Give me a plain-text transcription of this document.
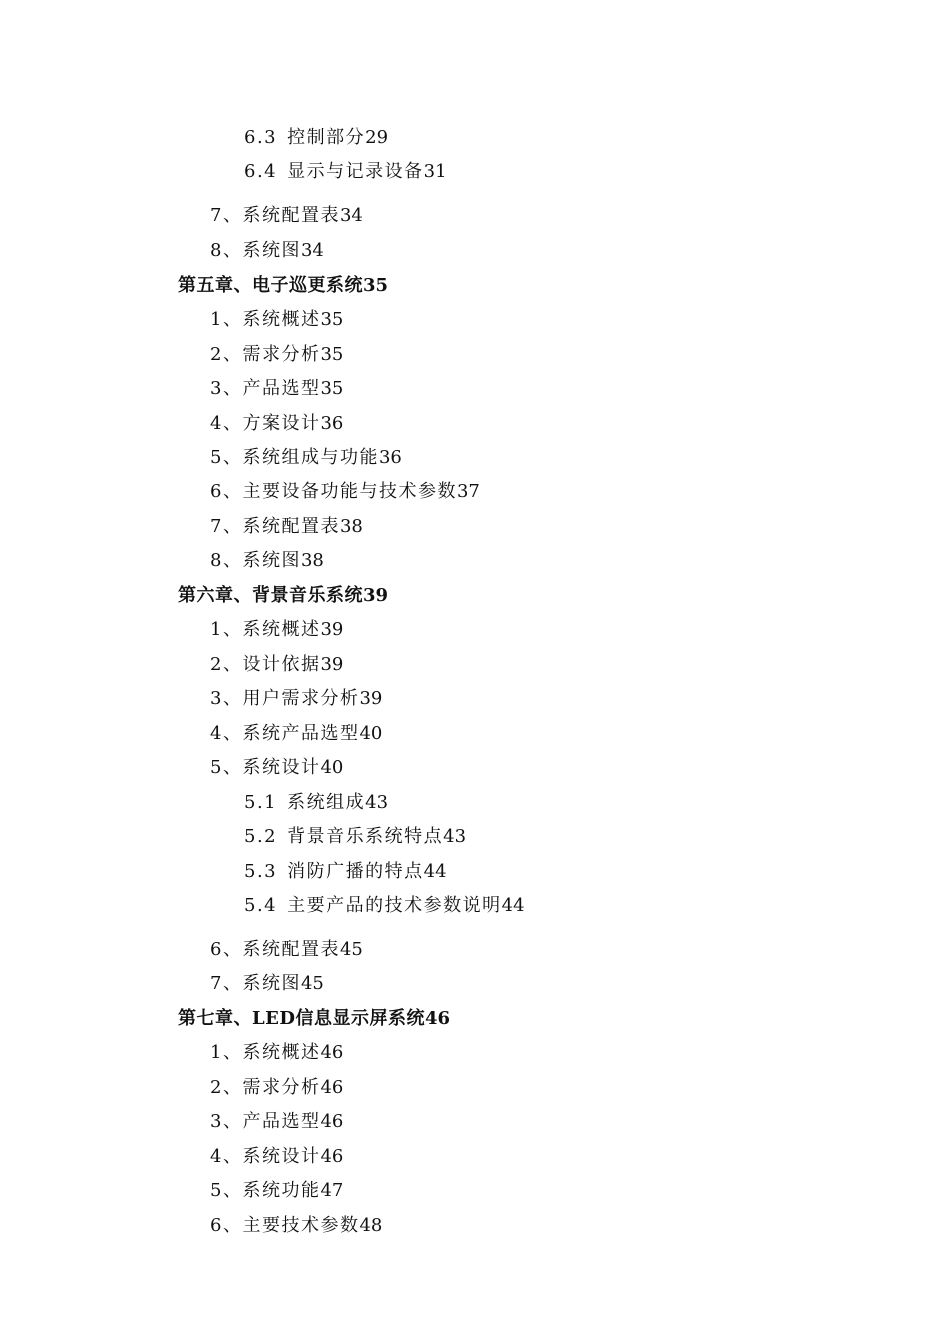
6.3 控制部分29
6.4 显示与记录设备31
7、系统配置表34
8、系统图34
第五章、电子巡更系统35
1、系统概述35
2、需求分析35
3、产品选型35
4、方案设计36
5、系统组成与功能36
6、主要设备功能与技术参数37
7、系统配置表38
8、系统图38
第六章、背景音乐系统39
1、系统概述39
2、设计依据39
3、用户需求分析39
4、系统产品选型40
5、系统设计40
5.1 系统组成43
5.2 背景音乐系统特点43
5.3 消防广播的特点44
5.4 主要产品的技术参数说明44
6、系统配置表45
7、系统图45
第七章、LED信息显示屏系统46
1、系统概述46
2、需求分析46
3、产品选型46
4、系统设计46
5、系统功能47
6、主要技术参数48
